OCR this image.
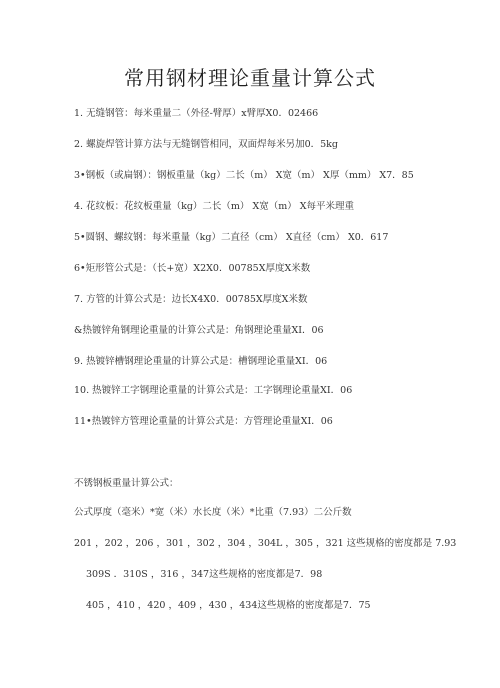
常用钢材理论重量计算公式
1. 无缝钢管：每米重量二（外径-臂厚）x臂厚X0．02466
2. 螺旋焊管计算方法与无缝钢管相同，双面焊每米另加0．5kg
3•钢板（或扁钢）：钢板重量（kg）二长（m） X宽（m） X厚（mm） X7．85
4. 花纹板：花纹板重量（kg）二长（m） X宽（m） X每平米理重
5•圆钢、螺纹钢：每米重量（kg）二直径（cm） X直径（cm） X0．617
6•矩形管公式是：（长+宽）X2X0．00785X厚度X米数
7. 方管的计算公式是：边长X4X0．00785X厚度X米数
&热镀锌角钢理论重量的计算公式是：角钢理论重量XI．06
9. 热镀锌槽钢理论重量的计算公式是：槽钢理论重量XI．06
10. 热镀锌工字钢理论重量的计算公式是：工字钢理论重量XI．06
11•热镀锌方管理论重量的计算公式是：方管理论重量XI．06
不锈钢板重量计算公式：
公式厚度（毫米）*宽（米）水长度（米）*比重（7.93）二公斤数
201 ，202 ，206 ，301 ，302 ，304 ，304L ，305 ，321 这些规格的密度都是 7.93
309S ．310S ，316 ，347这些规格的密度都是7．98
405 ，410 ，420 ，409 ，430 ，434这些规格的密度都是7．75
